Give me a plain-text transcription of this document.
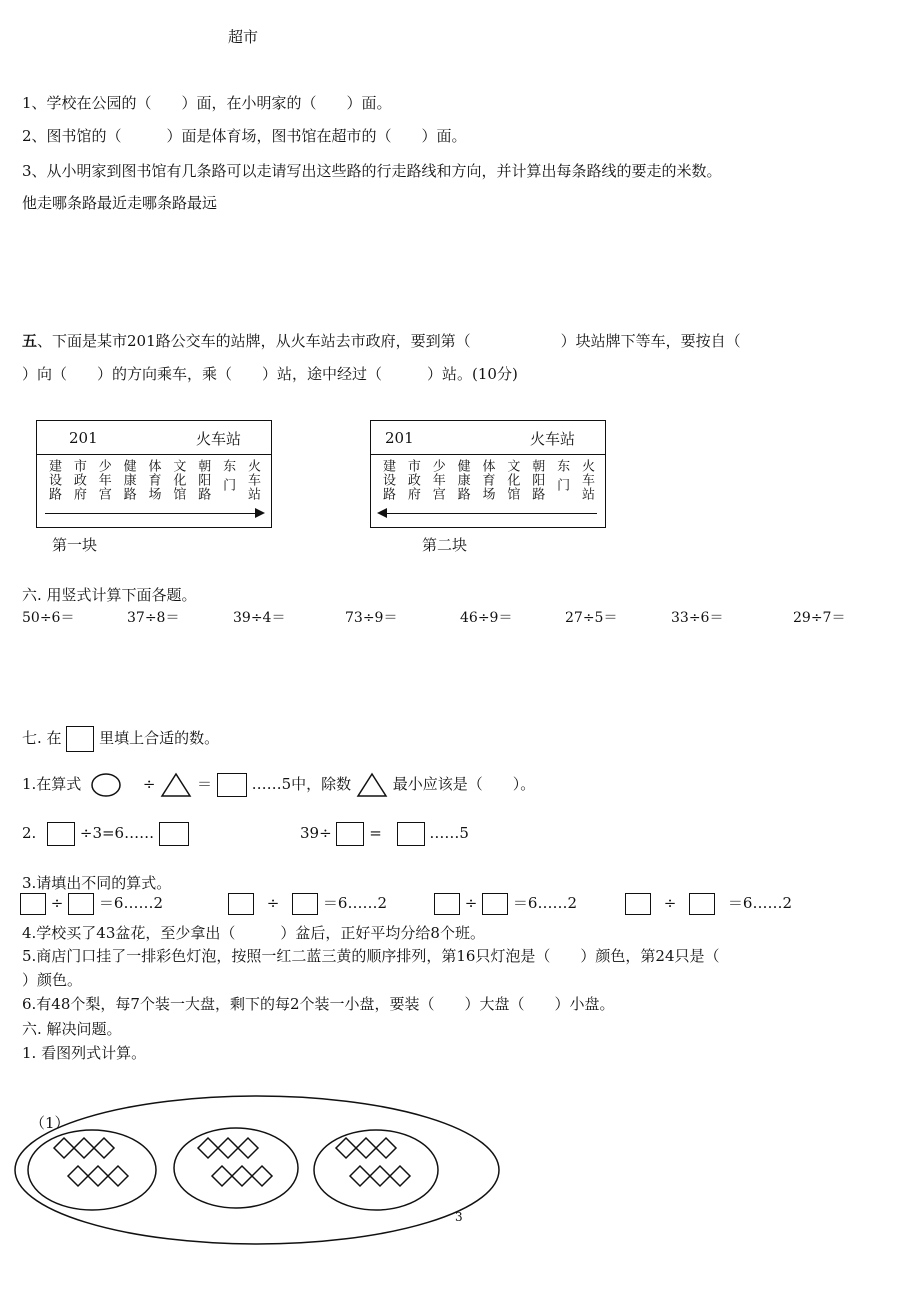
超市
1、学校在公园的（　　）面，在小明家的（　　）面。
2、图书馆的（　　　）面是体育场，图书馆在超市的（　　）面。
3、从小明家到图书馆有几条路可以走请写出这些路的行走路线和方向，并计算出每条路线的要走的米数。
他走哪条路最近走哪条路最远
五、下面是某市201路公交车的站牌，从火车站去市政府，要到第（　　　　　　）块站牌下等车，要按自（
）向（　　）的方向乘车，乘（　　）站，途中经过（　　　）站。(10分)
201	火车站
火车站
东 门
朝阳路
文化馆
体育场
健康路
少年宫
市政府
建设路
第一块
201	火车站
火车站
东 门
朝阳路
文化馆
体育场
健康路
少年宫
市政府
建设路
第二块
六. 用竖式计算下面各题。
50÷6＝	37÷8＝	39÷4＝	73÷9＝	46÷9＝	27÷5＝	33÷6＝	29÷7＝
七. 在	里填上合适的数。
1.在算式	÷	＝	……5中，除数	最小应该是（　　）。
2.	÷3=6……	39÷	=	……5
3.请填出不同的算式。
÷ ＝6……2	÷	＝6……2	÷ ＝6……2	÷	＝6……2
4.学校买了43盆花，至少拿出（　　　）盆后，正好平均分给8个班。
5.商店门口挂了一排彩色灯泡，按照一红二蓝三黄的顺序排列，第16只灯泡是（　　）颜色，第24只是（
）颜色。
6.有48个梨，每7个装一大盘，剩下的每2个装一小盘，要装（　　）大盘（　　）小盘。
六. 解决问题。
1. 看图列式计算。
（1）
3
